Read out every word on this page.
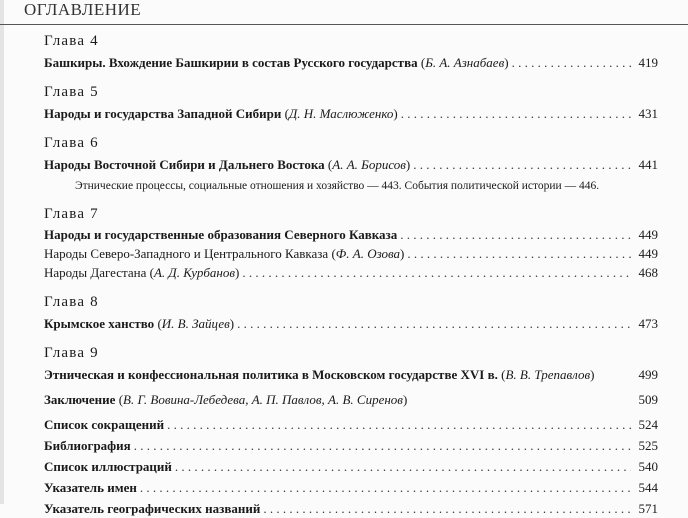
ОГЛАВЛЕНИЕ
Глава 4
Башкиры. Вхождение Башкирии в состав Русского государства (Б. А. Азнабаев) . . .	419
Глава 5
Народы и государства Западной Сибири (Д. Н. Маслюженко) . . .	431
Глава 6
Народы Восточной Сибири и Дальнего Востока (А. А. Борисов) . . .	441
Этнические процессы, социальные отношения и хозяйство — 443. События политической истории — 446.
Глава 7
Народы и государственные образования Северного Кавказа . . .	449
Народы Северо-Западного и Центрального Кавказа (Ф. А. Озова) . . .	449
Народы Дагестана (А. Д. Курбанов) . . .	468
Глава 8
Крымское ханство (И. В. Зайцев) . . .	473
Глава 9
Этническая и конфессиональная политика в Московском государстве XVI в. (В. В. Трепавлов)	499
Заключение (В. Г. Вовина-Лебедева, А. П. Павлов, А. В. Сиренов)	509
Список сокращений . . .	524
Библиография . . .	525
Список иллюстраций . . .	540
Указатель имен . . .	544
Указатель географических названий . . .	571
